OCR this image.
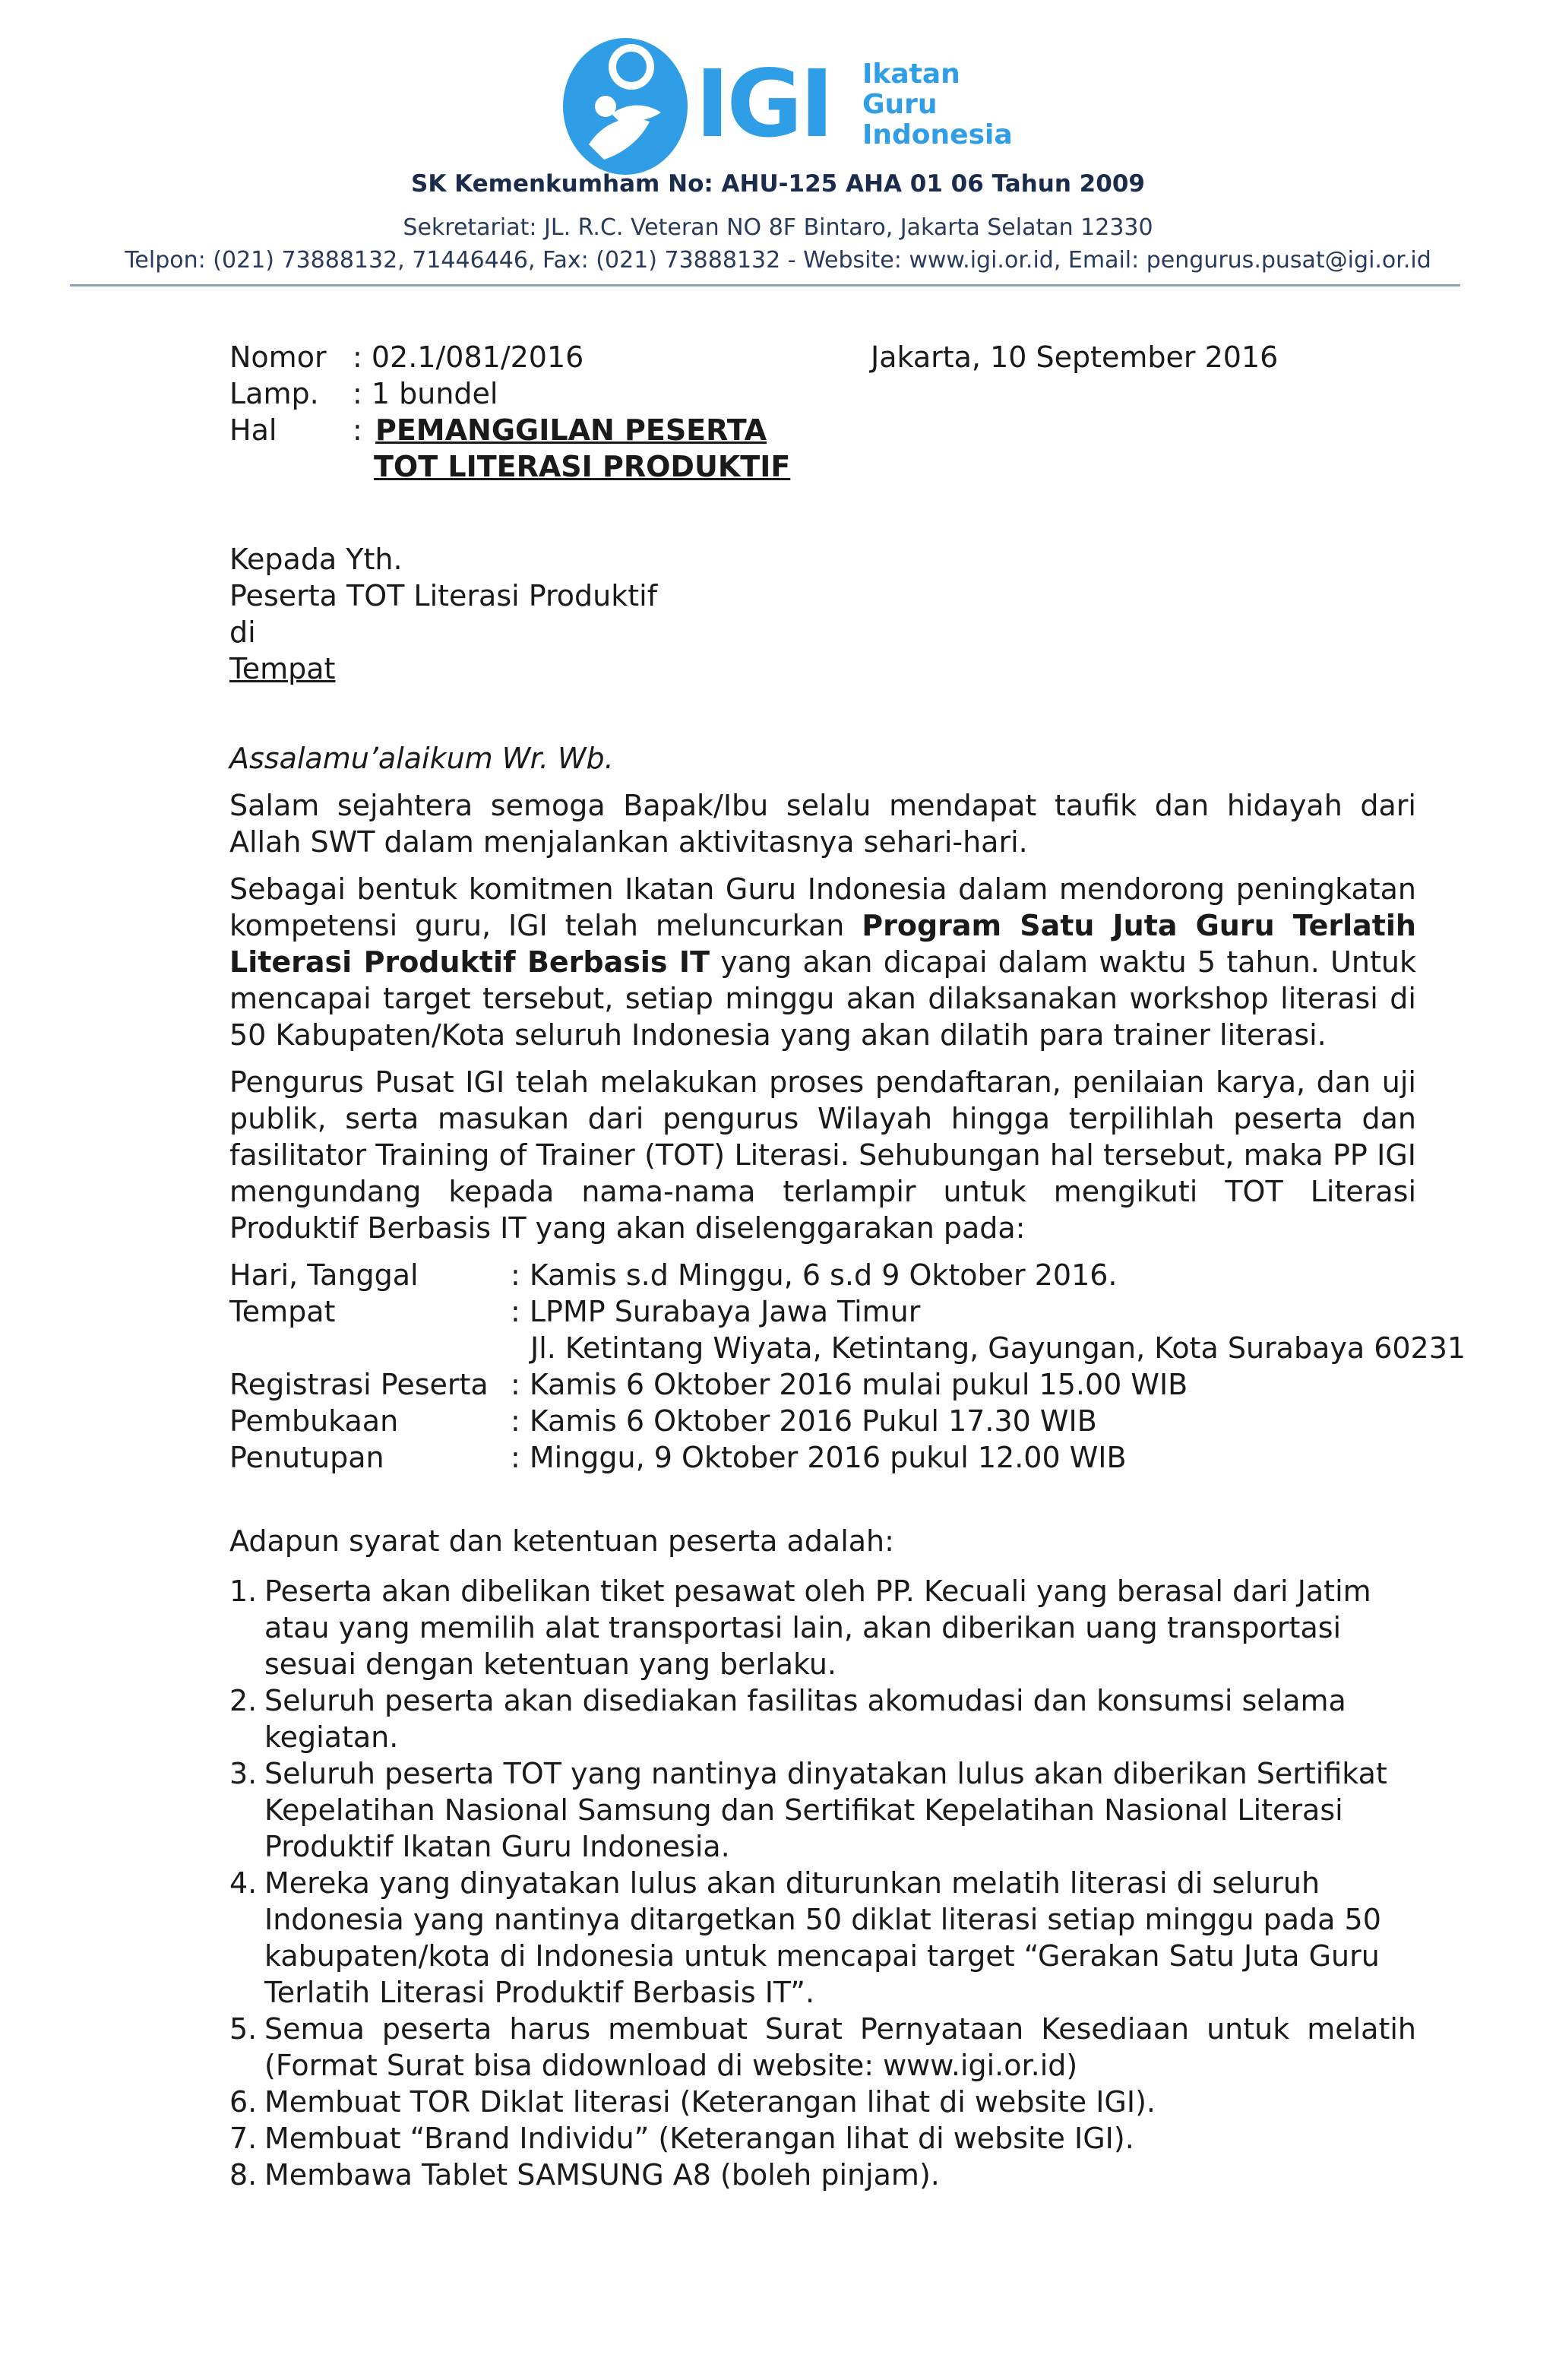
IGI Ikatan
Guru
Indonesia
SK Kemenkumham No: AHU-125 AHA 01 06 Tahun 2009
Sekretariat: JL. R.C. Veteran NO 8F Bintaro, Jakarta Selatan 12330
Telpon: (021) 73888132, 71446446, Fax: (021) 73888132 - Website: www.igi.or.id, Email: pengurus.pusat@igi.or.id
Nomor : 02.1/081/2016	Jakarta, 10 September 2016
Lamp. : 1 bundel
Hal	: PEMANGGILAN PESERTA
TOT LITERASI PRODUKTIF
Kepada Yth.
Peserta TOT Literasi Produktif
di
Tempat
Assalamu’alaikum Wr. Wb.

Salam sejahtera semoga Bapak/Ibu selalu mendapat taufik dan hidayah dari Allah SWT dalam menjalankan aktivitasnya sehari-hari.

Sebagai bentuk komitmen Ikatan Guru Indonesia dalam mendorong peningkatan kompetensi guru, IGI telah meluncurkan Program Satu Juta Guru Terlatih Literasi Produktif Berbasis IT yang akan dicapai dalam waktu 5 tahun. Untuk mencapai target tersebut, setiap minggu akan dilaksanakan workshop literasi di 50 Kabupaten/Kota seluruh Indonesia yang akan dilatih para trainer literasi.

Pengurus Pusat IGI telah melakukan proses pendaftaran, penilaian karya, dan uji publik, serta masukan dari pengurus Wilayah hingga terpilihlah peserta dan fasilitator Training of Trainer (TOT) Literasi. Sehubungan hal tersebut, maka PP IGI mengundang kepada nama-nama terlampir untuk mengikuti TOT Literasi Produktif Berbasis IT yang akan diselenggarakan pada:

Hari, Tanggal	: Kamis s.d Minggu, 6 s.d 9 Oktober 2016.
Tempat	: LPMP Surabaya Jawa Timur
Jl. Ketintang Wiyata, Ketintang, Gayungan, Kota Surabaya 60231
Registrasi Peserta : Kamis 6 Oktober 2016 mulai pukul 15.00 WIB
Pembukaan	: Kamis 6 Oktober 2016 Pukul 17.30 WIB
Penutupan	: Minggu, 9 Oktober 2016 pukul 12.00 WIB
Adapun syarat dan ketentuan peserta adalah:
1. Peserta akan dibelikan tiket pesawat oleh PP. Kecuali yang berasal dari Jatim atau yang memilih alat transportasi lain, akan diberikan uang transportasi sesuai dengan ketentuan yang berlaku.
2. Seluruh peserta akan disediakan fasilitas akomudasi dan konsumsi selama kegiatan.
3. Seluruh peserta TOT yang nantinya dinyatakan lulus akan diberikan Sertifikat Kepelatihan Nasional Samsung dan Sertifikat Kepelatihan Nasional Literasi Produktif Ikatan Guru Indonesia.
4. Mereka yang dinyatakan lulus akan diturunkan melatih literasi di seluruh Indonesia yang nantinya ditargetkan 50 diklat literasi setiap minggu pada 50 kabupaten/kota di Indonesia untuk mencapai target “Gerakan Satu Juta Guru Terlatih Literasi Produktif Berbasis IT”.
5. Semua peserta harus membuat Surat Pernyataan Kesediaan untuk melatih (Format Surat bisa didownload di website: www.igi.or.id)
6. Membuat TOR Diklat literasi (Keterangan lihat di website IGI).
7. Membuat “Brand Individu” (Keterangan lihat di website IGI).
8. Membawa Tablet SAMSUNG A8 (boleh pinjam).
